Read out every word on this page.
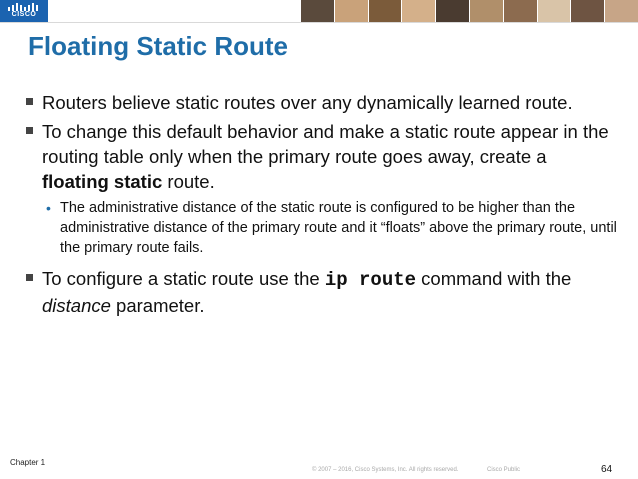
CISCO
Floating Static Route
Routers believe static routes over any dynamically learned route.
To change this default behavior and make a static route appear in the routing table only when the primary route goes away, create a floating static route.
• The administrative distance of the static route is configured to be higher than the administrative distance of the primary route and it “floats” above the primary route, until the primary route fails.
To configure a static route use the ip route command with the distance parameter.
Chapter 1
© 2007 – 2016, Cisco Systems, Inc. All rights reserved.	Cisco Public	64
